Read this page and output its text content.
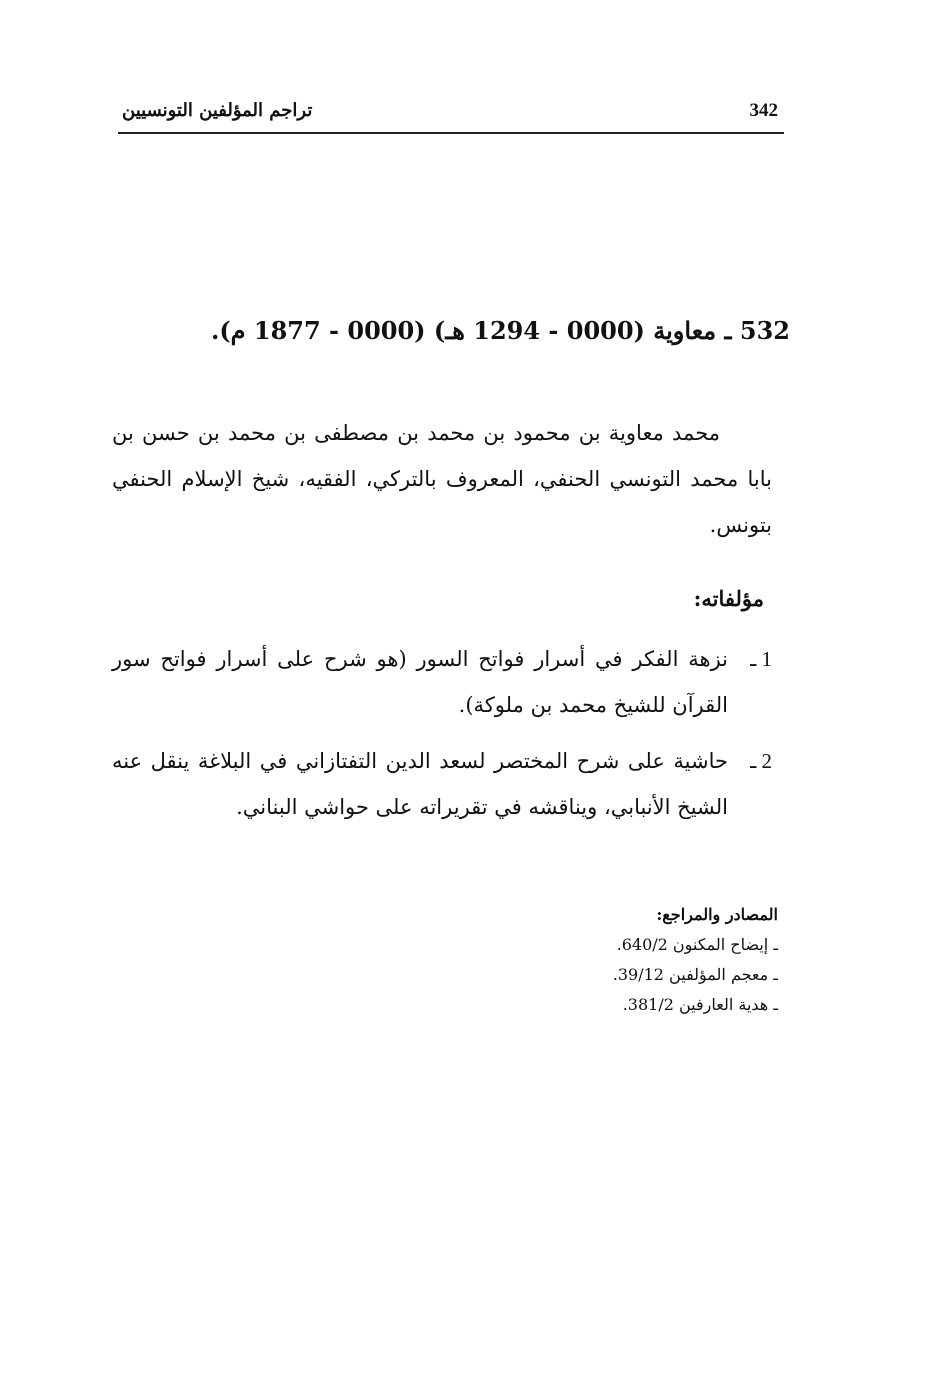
تراجم المؤلفين التونسيين	342
532 ـ معاوية (0000 - 1294 هـ) (0000 - 1877 م).

محمد معاوية بن محمود بن محمد بن مصطفى بن محمد بن حسن بن بابا محمد التونسي الحنفي، المعروف بالتركي، الفقيه، شيخ الإسلام الحنفي بتونس.

مؤلفاته:
1 ـ
نزهة الفكر في أسرار فواتح السور (هو شرح على أسرار فواتح سور القرآن للشيخ محمد بن ملوكة).
2 ـ
حاشية على شرح المختصر لسعد الدين التفتازاني في البلاغة ينقل عنه الشيخ الأنبابي، ويناقشه في تقريراته على حواشي البناني.
المصادر والمراجع:
ـ إيضاح المكنون 640/2.
ـ معجم المؤلفين 39/12.
ـ هدية العارفين 381/2.
